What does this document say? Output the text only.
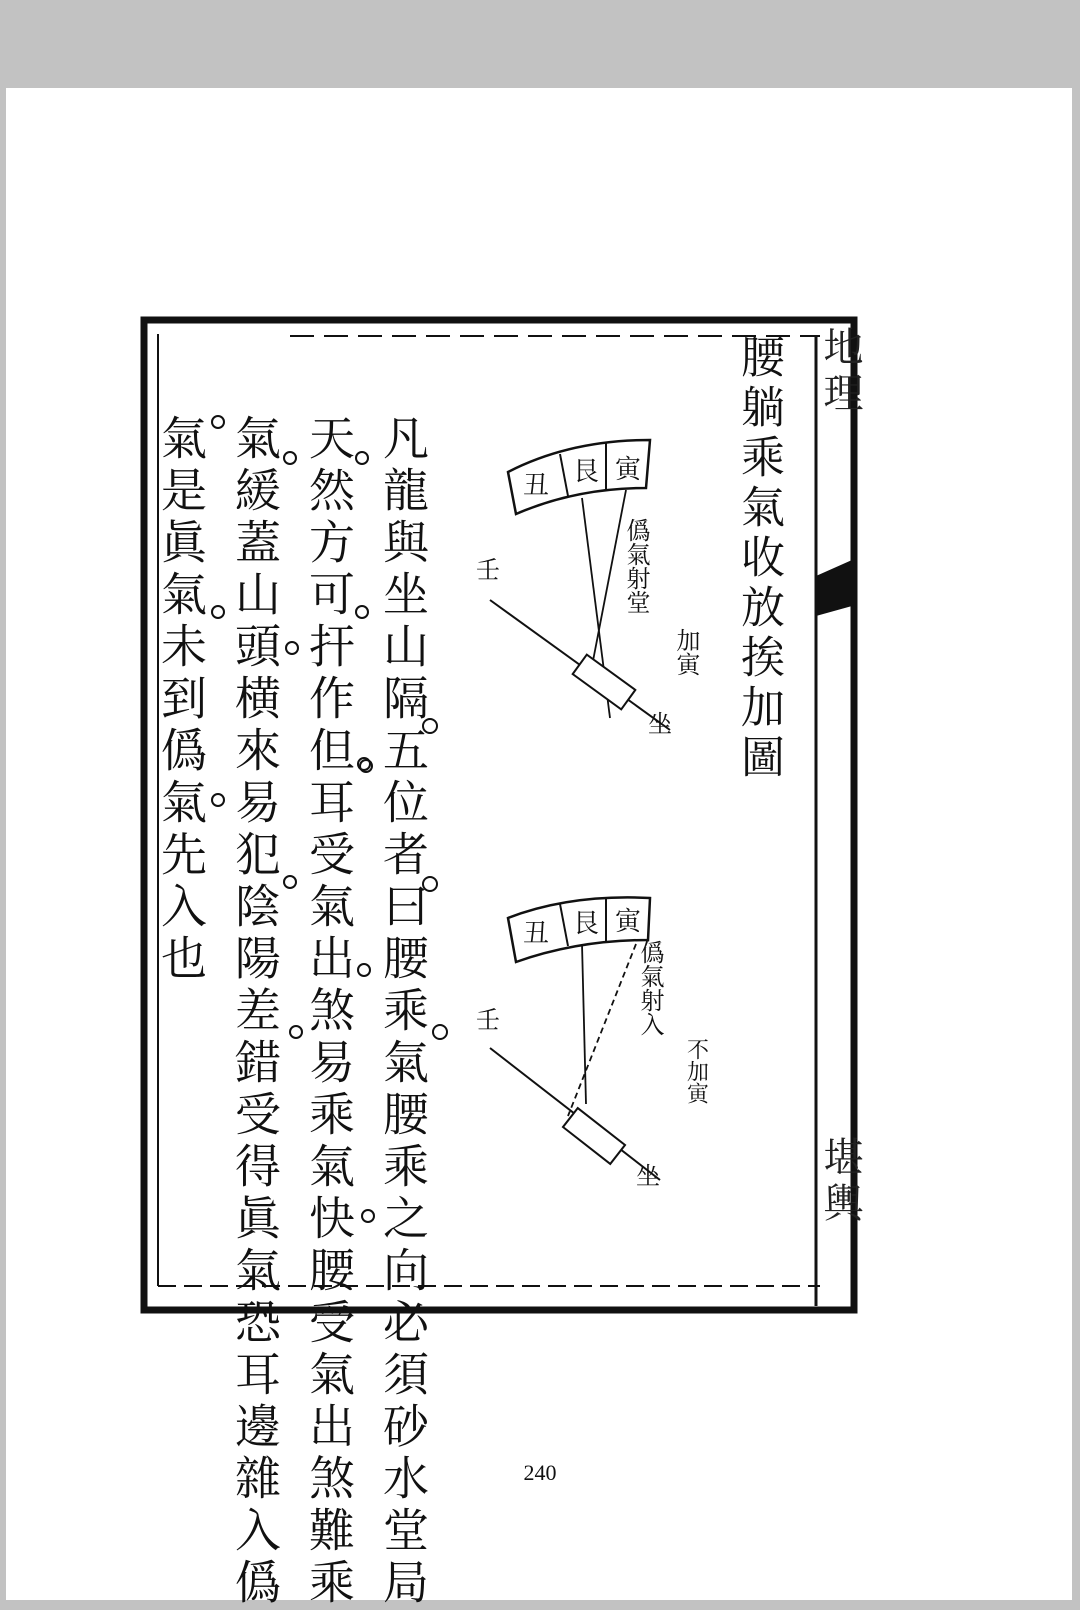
地理
堪輿
腰躺乘氣收放挨加圖
凡龍與坐山隔五位者曰腰乘氣腰乘之向必須砂水堂局
天然方可扞作但耳受氣出煞易乘氣快腰受氣出煞難乘
氣緩蓋山頭横來易犯陰陽差錯受得眞氣恐耳邊雜入僞
氣是眞氣未到僞氣先入也	丑 艮 寅
壬
坐
僞氣射堂
加寅
丑 艮 寅
壬
坐
僞氣射入
不加寅
240
